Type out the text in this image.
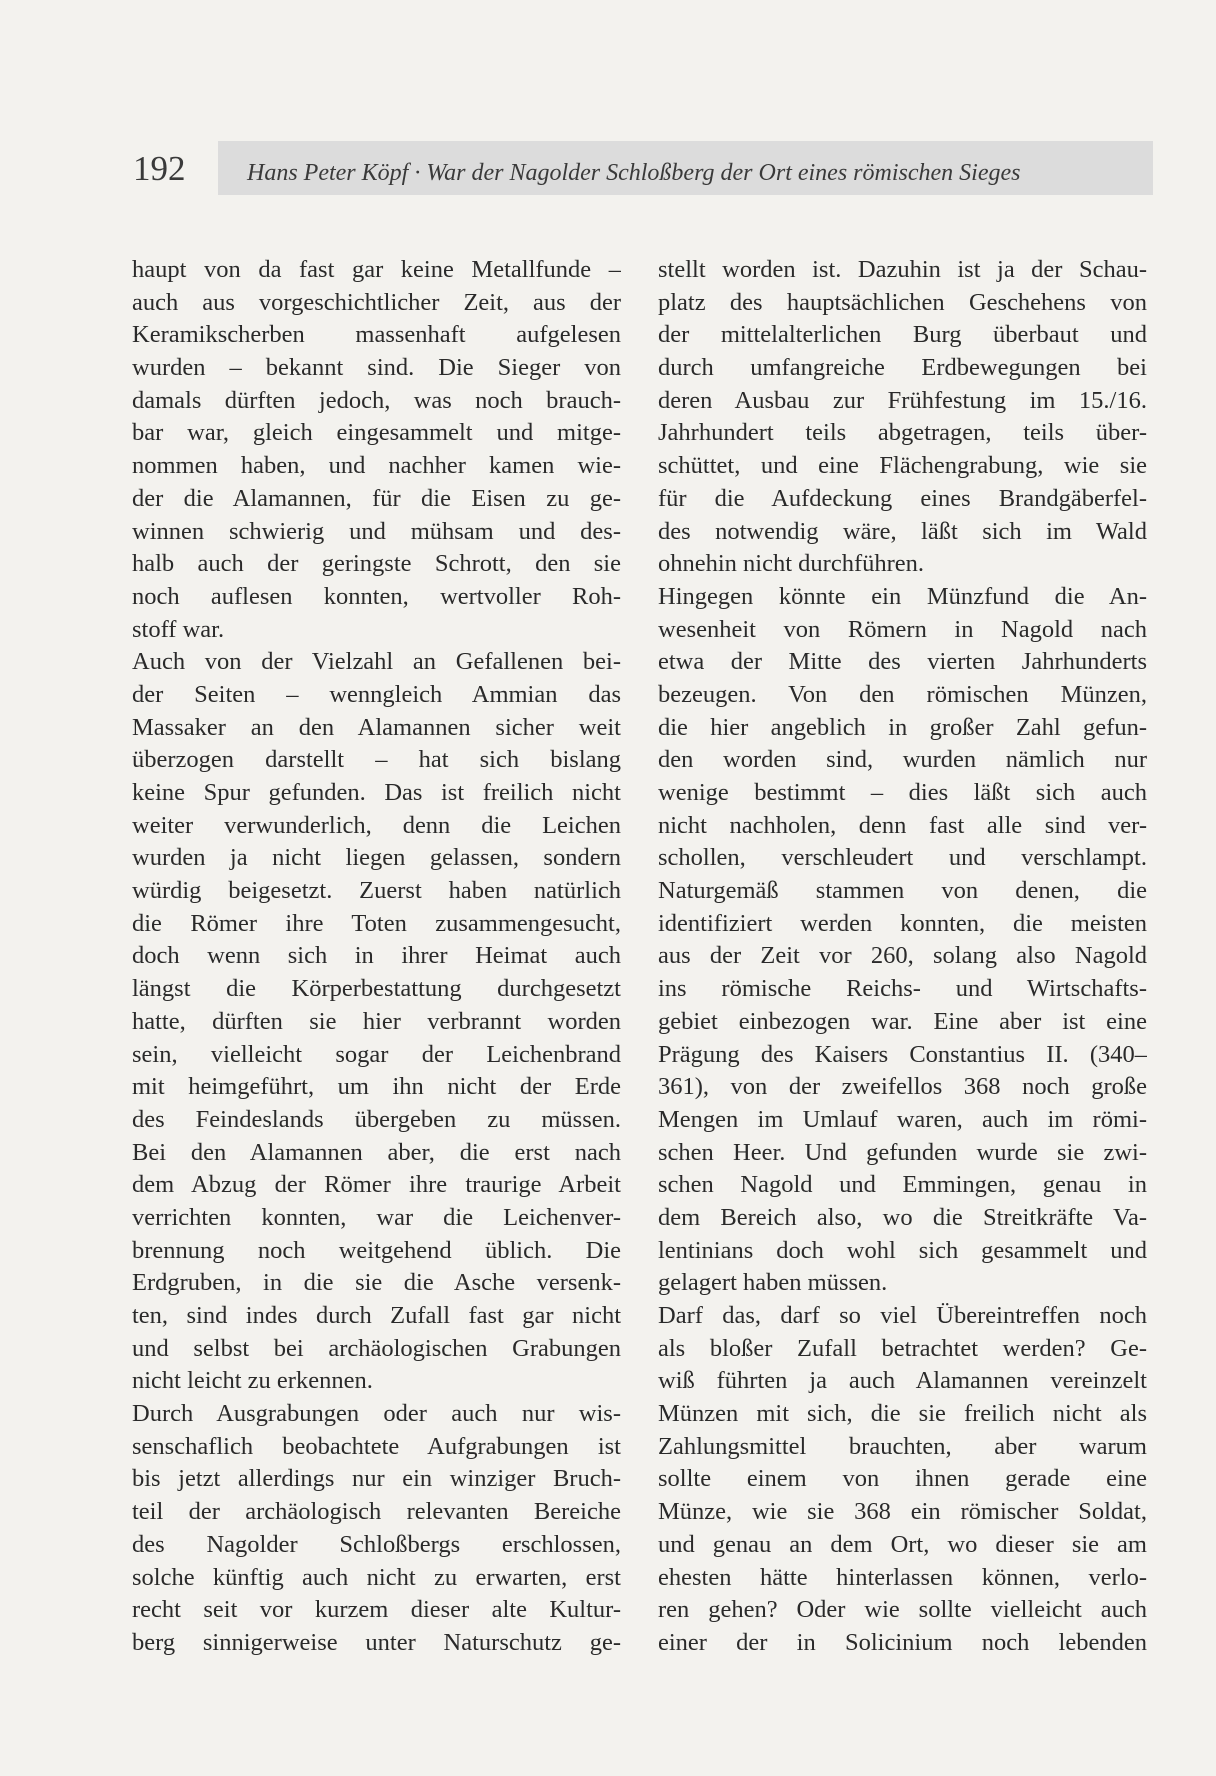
192	Hans Peter Köpf · War der Nagolder Schloßberg der Ort eines römischen Sieges
haupt von da fast gar keine Metallfunde –
auch aus vorgeschichtlicher Zeit, aus der
Keramikscherben massenhaft aufgelesen
wurden – bekannt sind. Die Sieger von
damals dürften jedoch, was noch brauch-
bar war, gleich eingesammelt und mitge-
nommen haben, und nachher kamen wie-
der die Alamannen, für die Eisen zu ge-
winnen schwierig und mühsam und des-
halb auch der geringste Schrott, den sie
noch auflesen konnten, wertvoller Roh-
stoff war.
Auch von der Vielzahl an Gefallenen bei-
der Seiten – wenngleich Ammian das
Massaker an den Alamannen sicher weit
überzogen darstellt – hat sich bislang
keine Spur gefunden. Das ist freilich nicht
weiter verwunderlich, denn die Leichen
wurden ja nicht liegen gelassen, sondern
würdig beigesetzt. Zuerst haben natürlich
die Römer ihre Toten zusammengesucht,
doch wenn sich in ihrer Heimat auch
längst die Körperbestattung durchgesetzt
hatte, dürften sie hier verbrannt worden
sein, vielleicht sogar der Leichenbrand
mit heimgeführt, um ihn nicht der Erde
des Feindeslands übergeben zu müssen.
Bei den Alamannen aber, die erst nach
dem Abzug der Römer ihre traurige Arbeit
verrichten konnten, war die Leichenver-
brennung noch weitgehend üblich. Die
Erdgruben, in die sie die Asche versenk-
ten, sind indes durch Zufall fast gar nicht
und selbst bei archäologischen Grabungen
nicht leicht zu erkennen.
Durch Ausgrabungen oder auch nur wis-
senschaflich beobachtete Aufgrabungen ist
bis jetzt allerdings nur ein winziger Bruch-
teil der archäologisch relevanten Bereiche
des Nagolder Schloßbergs erschlossen,
solche künftig auch nicht zu erwarten, erst
recht seit vor kurzem dieser alte Kultur-
berg sinnigerweise unter Naturschutz ge-
stellt worden ist. Dazuhin ist ja der Schau-
platz des hauptsächlichen Geschehens von
der mittelalterlichen Burg überbaut und
durch umfangreiche Erdbewegungen bei
deren Ausbau zur Frühfestung im 15./16.
Jahrhundert teils abgetragen, teils über-
schüttet, und eine Flächengrabung, wie sie
für die Aufdeckung eines Brandgäberfel-
des notwendig wäre, läßt sich im Wald
ohnehin nicht durchführen.
Hingegen könnte ein Münzfund die An-
wesenheit von Römern in Nagold nach
etwa der Mitte des vierten Jahrhunderts
bezeugen. Von den römischen Münzen,
die hier angeblich in großer Zahl gefun-
den worden sind, wurden nämlich nur
wenige bestimmt – dies läßt sich auch
nicht nachholen, denn fast alle sind ver-
schollen, verschleudert und verschlampt.
Naturgemäß stammen von denen, die
identifiziert werden konnten, die meisten
aus der Zeit vor 260, solang also Nagold
ins römische Reichs- und Wirtschafts-
gebiet einbezogen war. Eine aber ist eine
Prägung des Kaisers Constantius II. (340–
361), von der zweifellos 368 noch große
Mengen im Umlauf waren, auch im römi-
schen Heer. Und gefunden wurde sie zwi-
schen Nagold und Emmingen, genau in
dem Bereich also, wo die Streitkräfte Va-
lentinians doch wohl sich gesammelt und
gelagert haben müssen.
Darf das, darf so viel Übereintreffen noch
als bloßer Zufall betrachtet werden? Ge-
wiß führten ja auch Alamannen vereinzelt
Münzen mit sich, die sie freilich nicht als
Zahlungsmittel brauchten, aber warum
sollte einem von ihnen gerade eine
Münze, wie sie 368 ein römischer Soldat,
und genau an dem Ort, wo dieser sie am
ehesten hätte hinterlassen können, verlo-
ren gehen? Oder wie sollte vielleicht auch
einer der in Solicinium noch lebenden
